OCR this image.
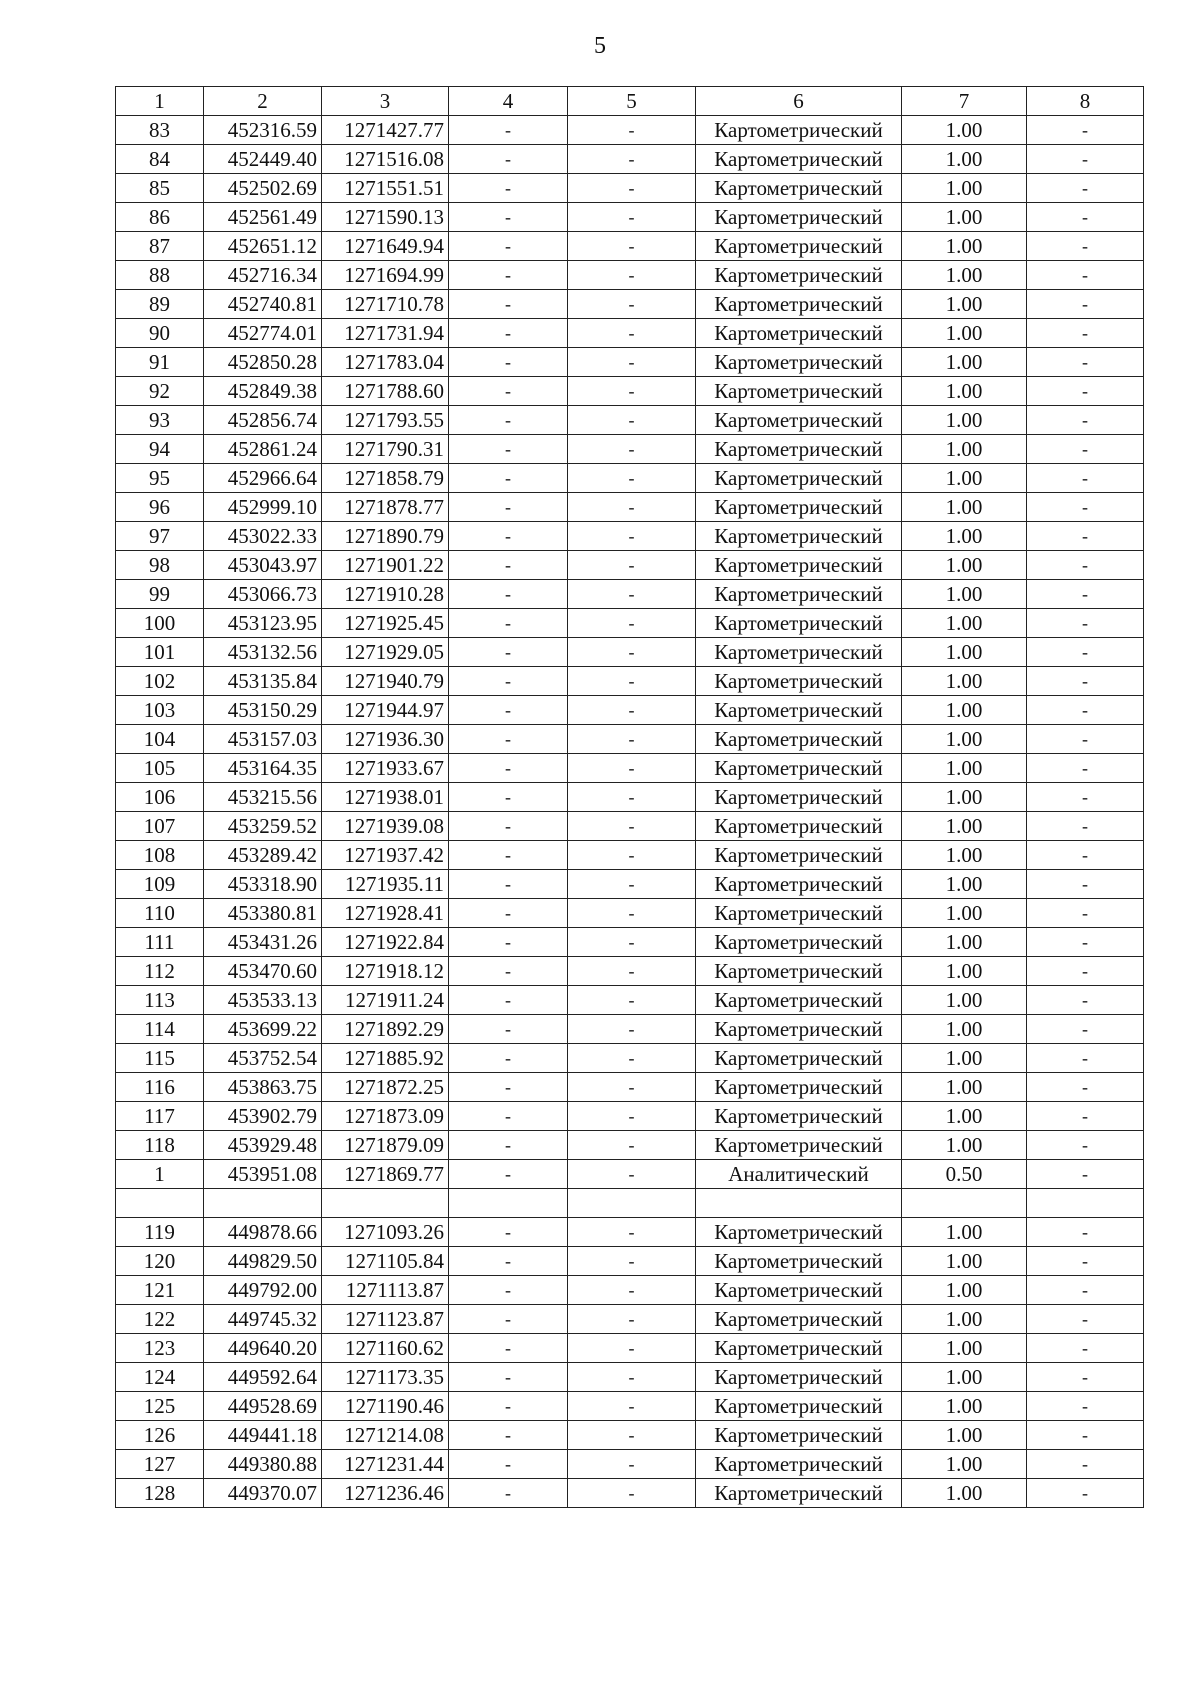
5
1	2	3	4	5	6	7	8
83	452316.59	1271427.77	-	-	Картометрический	1.00	-
84	452449.40	1271516.08	-	-	Картометрический	1.00	-
85	452502.69	1271551.51	-	-	Картометрический	1.00	-
86	452561.49	1271590.13	-	-	Картометрический	1.00	-
87	452651.12	1271649.94	-	-	Картометрический	1.00	-
88	452716.34	1271694.99	-	-	Картометрический	1.00	-
89	452740.81	1271710.78	-	-	Картометрический	1.00	-
90	452774.01	1271731.94	-	-	Картометрический	1.00	-
91	452850.28	1271783.04	-	-	Картометрический	1.00	-
92	452849.38	1271788.60	-	-	Картометрический	1.00	-
93	452856.74	1271793.55	-	-	Картометрический	1.00	-
94	452861.24	1271790.31	-	-	Картометрический	1.00	-
95	452966.64	1271858.79	-	-	Картометрический	1.00	-
96	452999.10	1271878.77	-	-	Картометрический	1.00	-
97	453022.33	1271890.79	-	-	Картометрический	1.00	-
98	453043.97	1271901.22	-	-	Картометрический	1.00	-
99	453066.73	1271910.28	-	-	Картометрический	1.00	-
100	453123.95	1271925.45	-	-	Картометрический	1.00	-
101	453132.56	1271929.05	-	-	Картометрический	1.00	-
102	453135.84	1271940.79	-	-	Картометрический	1.00	-
103	453150.29	1271944.97	-	-	Картометрический	1.00	-
104	453157.03	1271936.30	-	-	Картометрический	1.00	-
105	453164.35	1271933.67	-	-	Картометрический	1.00	-
106	453215.56	1271938.01	-	-	Картометрический	1.00	-
107	453259.52	1271939.08	-	-	Картометрический	1.00	-
108	453289.42	1271937.42	-	-	Картометрический	1.00	-
109	453318.90	1271935.11	-	-	Картометрический	1.00	-
110	453380.81	1271928.41	-	-	Картометрический	1.00	-
111	453431.26	1271922.84	-	-	Картометрический	1.00	-
112	453470.60	1271918.12	-	-	Картометрический	1.00	-
113	453533.13	1271911.24	-	-	Картометрический	1.00	-
114	453699.22	1271892.29	-	-	Картометрический	1.00	-
115	453752.54	1271885.92	-	-	Картометрический	1.00	-
116	453863.75	1271872.25	-	-	Картометрический	1.00	-
117	453902.79	1271873.09	-	-	Картометрический	1.00	-
118	453929.48	1271879.09	-	-	Картометрический	1.00	-
1	453951.08	1271869.77	-	-	Аналитический	0.50	-

119	449878.66	1271093.26	-	-	Картометрический	1.00	-
120	449829.50	1271105.84	-	-	Картометрический	1.00	-
121	449792.00	1271113.87	-	-	Картометрический	1.00	-
122	449745.32	1271123.87	-	-	Картометрический	1.00	-
123	449640.20	1271160.62	-	-	Картометрический	1.00	-
124	449592.64	1271173.35	-	-	Картометрический	1.00	-
125	449528.69	1271190.46	-	-	Картометрический	1.00	-
126	449441.18	1271214.08	-	-	Картометрический	1.00	-
127	449380.88	1271231.44	-	-	Картометрический	1.00	-
128	449370.07	1271236.46	-	-	Картометрический	1.00	-
